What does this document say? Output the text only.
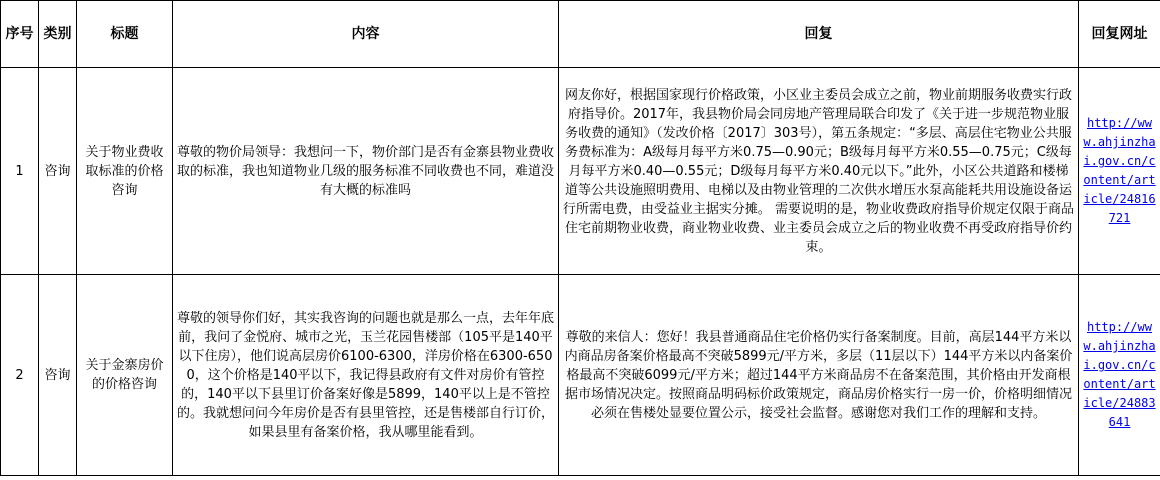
序号	类别	标题	内容	回复	回复网址
1	咨询	关于物业费收取标准的价格咨询	尊敬的物价局领导：我想问一下，物价部门是否有金寨县物业费收取的标准，我也知道物业几级的服务标准不同收费也不同，难道没有大概的标准吗	网友你好，根据国家现行价格政策，小区业主委员会成立之前，物业前期服务收费实行政府指导价。2017年，我县物价局会同房地产管理局联合印发了《关于进一步规范物业服务收费的通知》（发改价格〔2017〕303号），第五条规定：“多层、高层住宅物业公共服务费标准为：A级每月每平方米0.75—0.90元；B级每月每平方米0.55—0.75元；C级每月每平方米0.40—0.55元；D级每月每平方米0.40元以下。”此外，小区公共道路和楼梯道等公共设施照明费用、电梯以及由物业管理的二次供水增压水泵高能耗共用设施设备运行所需电费，由受益业主据实分摊。 需要说明的是，物业收费政府指导价规定仅限于商品住宅前期物业收费，商业物业收费、业主委员会成立之后的物业收费不再受政府指导价约束。	http://www.ahjinzhai.gov.cn/content/article/24816721
2	咨询	关于金寨房价的价格咨询	尊敬的领导你们好，其实我咨询的问题也就是那么一点，去年年底前，我问了金悦府、城市之光，玉兰花园售楼部（105平是140平以下住房），他们说高层房价6100-6300，洋房价格在6300-6500，这个价格是140平以下，我记得县政府有文件对房价有管控的，140平以下县里订价备案好像是5899，140平以上是不管控的。我就想问问今年房价是否有县里管控，还是售楼部自行订价，如果县里有备案价格，我从哪里能看到。	尊敬的来信人：您好！我县普通商品住宅价格仍实行备案制度。目前，高层144平方米以内商品房备案价格最高不突破5899元/平方米，多层（11层以下）144平方米以内备案价格最高不突破6099元/平方米；超过144平方米商品房不在备案范围，其价格由开发商根据市场情况决定。按照商品明码标价政策规定，商品房价格实行一房一价，价格明细情况必须在售楼处显要位置公示，接受社会监督。感谢您对我们工作的理解和支持。	http://www.ahjinzhai.gov.cn/content/article/24883641
